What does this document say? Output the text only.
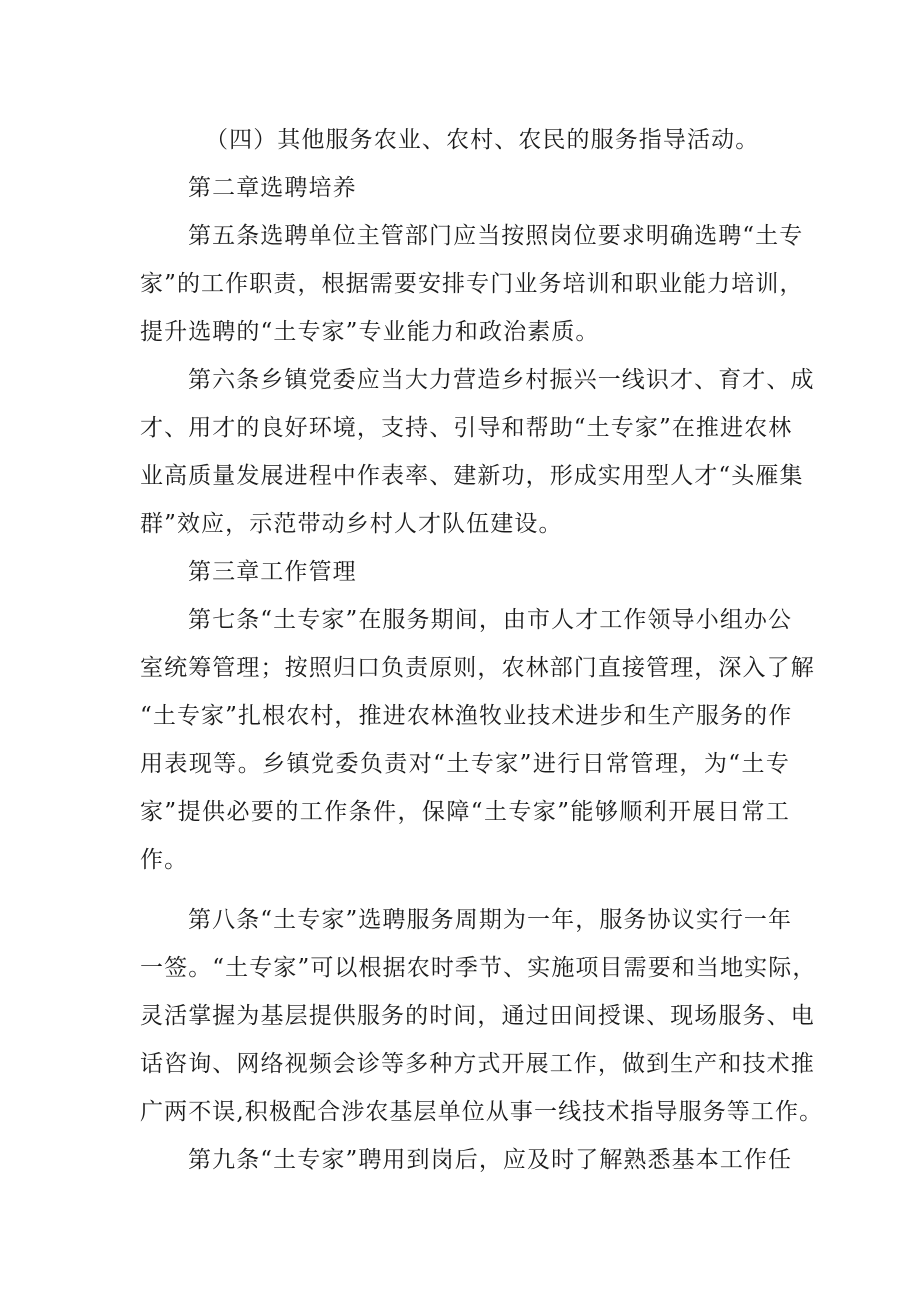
（四）其他服务农业、农村、农民的服务指导活动。
第二章选聘培养
第五条选聘单位主管部门应当按照岗位要求明确选聘“土专
家”的工作职责，根据需要安排专门业务培训和职业能力培训，
提升选聘的“土专家”专业能力和政治素质。
第六条乡镇党委应当大力营造乡村振兴一线识才、育才、成
才、用才的良好环境，支持、引导和帮助“土专家”在推进农林
业高质量发展进程中作表率、建新功，形成实用型人才“头雁集
群”效应，示范带动乡村人才队伍建设。
第三章工作管理
第七条“土专家”在服务期间，由市人才工作领导小组办公
室统筹管理；按照归口负责原则，农林部门直接管理，深入了解
“土专家”扎根农村，推进农林渔牧业技术进步和生产服务的作
用表现等。乡镇党委负责对“土专家”进行日常管理，为“土专
家”提供必要的工作条件，保障“土专家”能够顺利开展日常工
作。
第八条“土专家”选聘服务周期为一年，服务协议实行一年
一签。“土专家”可以根据农时季节、实施项目需要和当地实际，
灵活掌握为基层提供服务的时间，通过田间授课、现场服务、电
话咨询、网络视频会诊等多种方式开展工作，做到生产和技术推
广两不误,积极配合涉农基层单位从事一线技术指导服务等工作。
第九条“土专家”聘用到岗后，应及时了解熟悉基本工作任
